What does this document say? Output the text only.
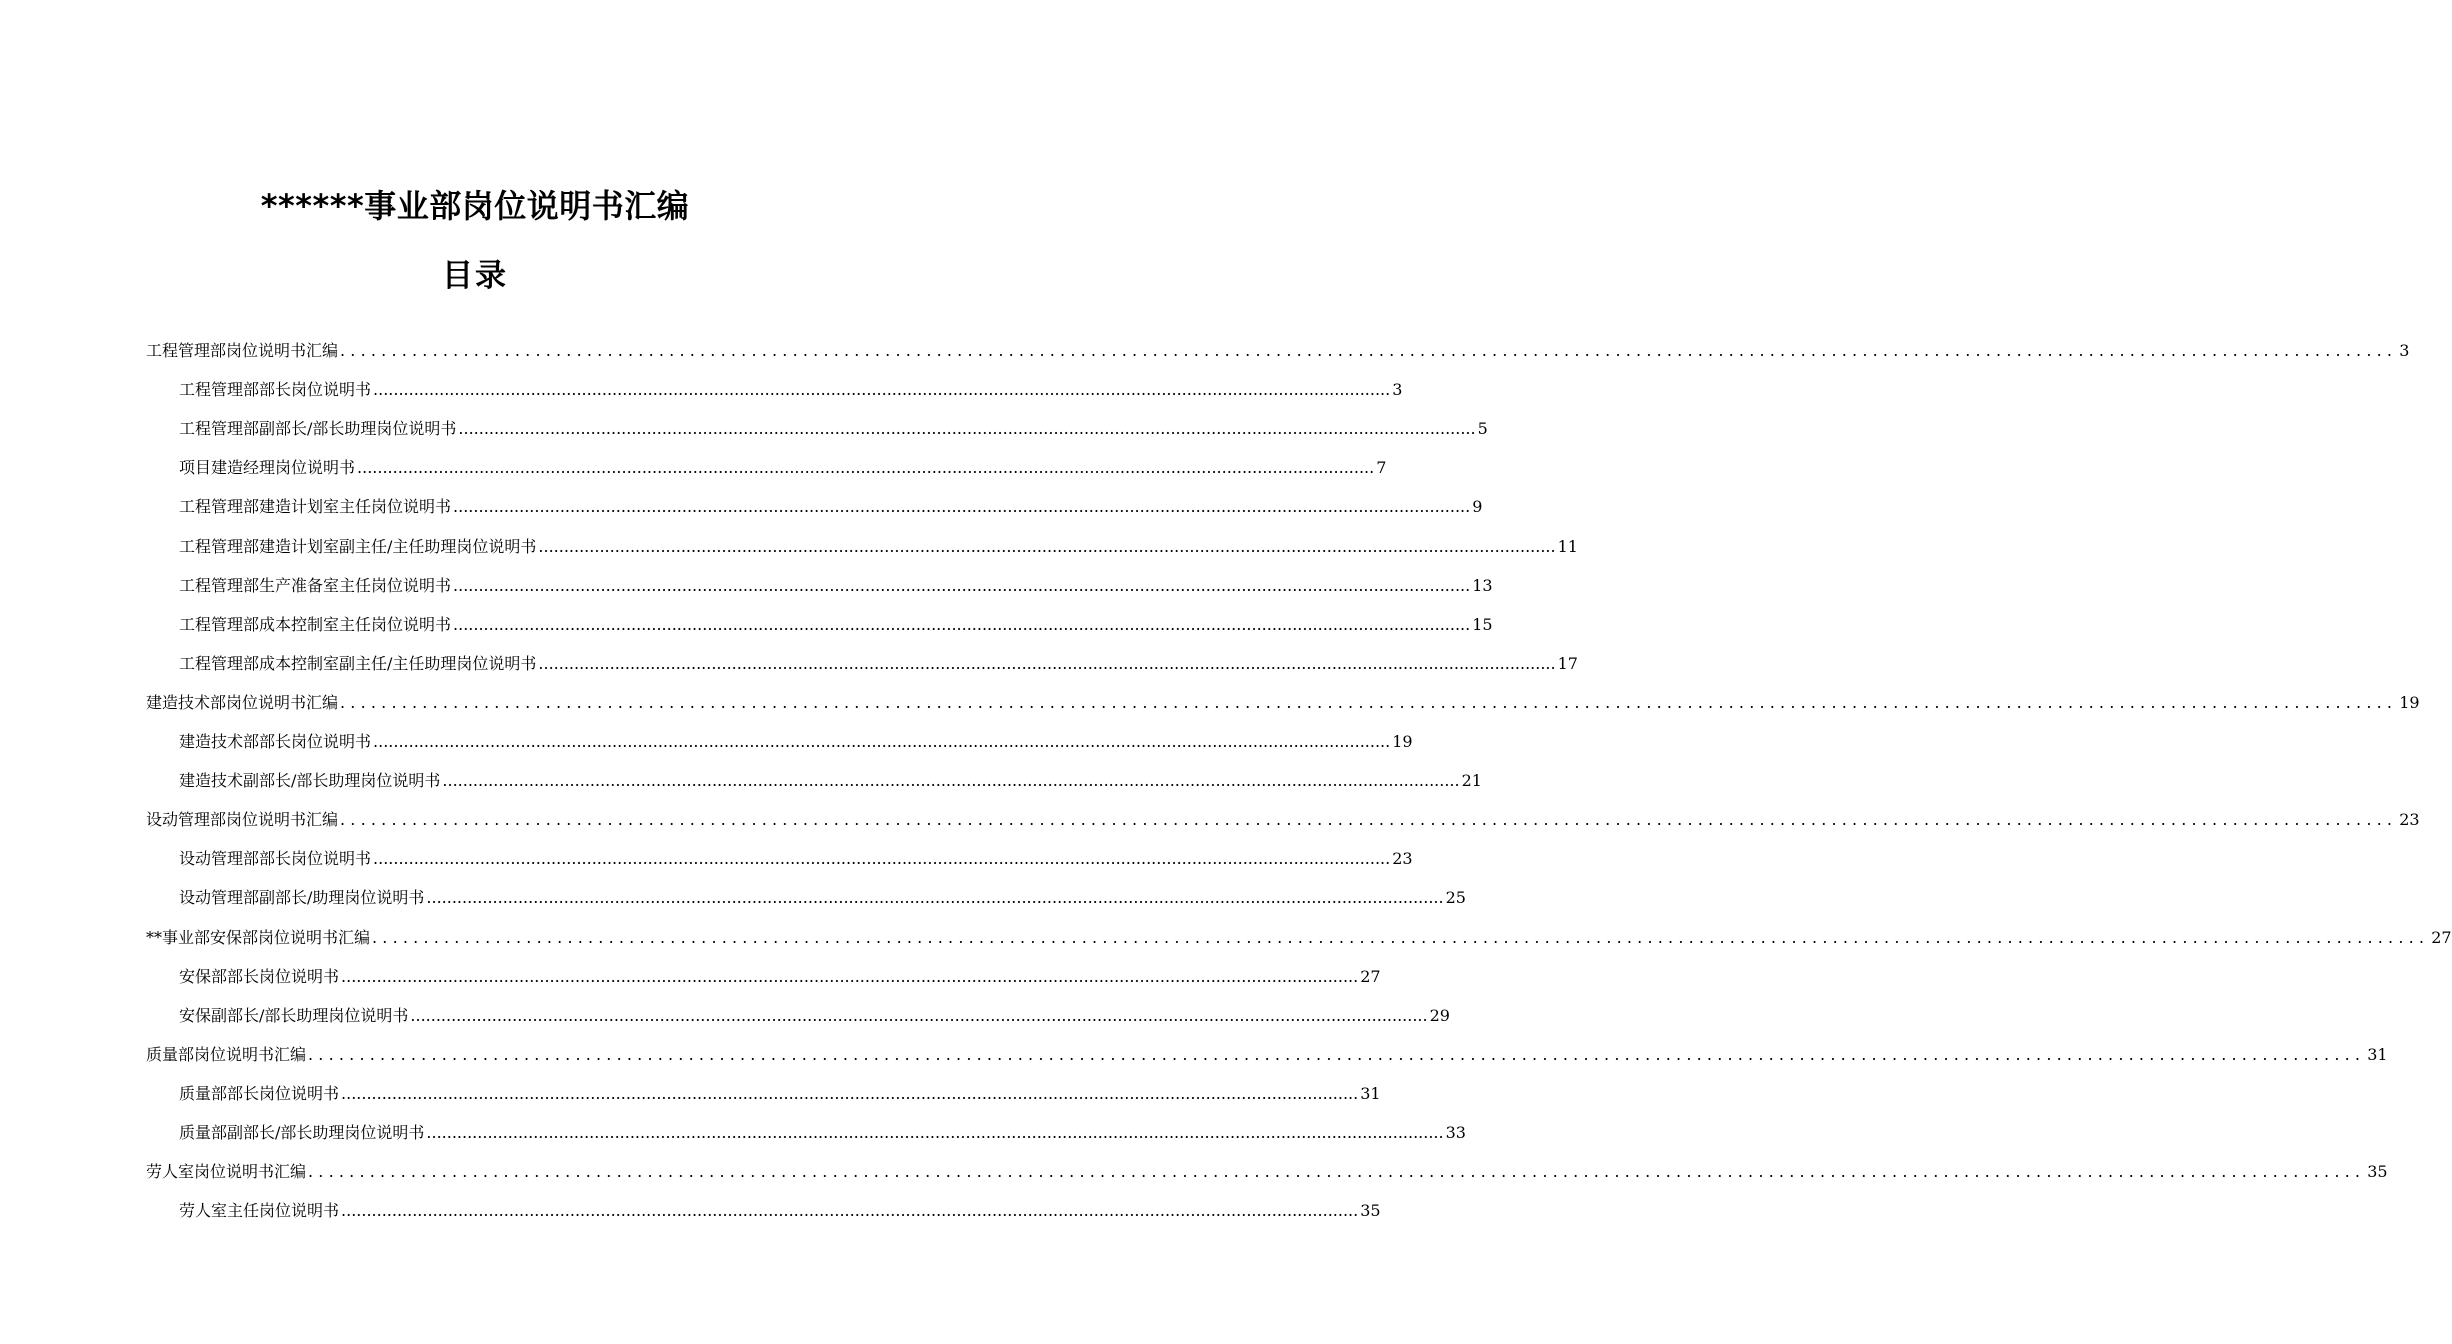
******事业部岗位说明书汇编
目录
工程管理部岗位说明书汇编 ........................................................................................................................................................................................................ 3
工程管理部部长岗位说明书 ........................................................................................................................................................................................................ 3
工程管理部副部长/部长助理岗位说明书 ........................................................................................................................................................................................................ 5
项目建造经理岗位说明书 ........................................................................................................................................................................................................ 7
工程管理部建造计划室主任岗位说明书 ........................................................................................................................................................................................................ 9
工程管理部建造计划室副主任/主任助理岗位说明书 ........................................................................................................................................................................................................ 11
工程管理部生产准备室主任岗位说明书 ........................................................................................................................................................................................................ 13
工程管理部成本控制室主任岗位说明书 ........................................................................................................................................................................................................ 15
工程管理部成本控制室副主任/主任助理岗位说明书 ........................................................................................................................................................................................................ 17
建造技术部岗位说明书汇编 ........................................................................................................................................................................................................ 19
建造技术部部长岗位说明书 ........................................................................................................................................................................................................ 19
建造技术副部长/部长助理岗位说明书 ........................................................................................................................................................................................................ 21
设动管理部岗位说明书汇编 ........................................................................................................................................................................................................ 23
设动管理部部长岗位说明书 ........................................................................................................................................................................................................ 23
设动管理部副部长/助理岗位说明书 ........................................................................................................................................................................................................ 25
**事业部安保部岗位说明书汇编 ........................................................................................................................................................................................................ 27
安保部部长岗位说明书 ........................................................................................................................................................................................................ 27
安保副部长/部长助理岗位说明书 ........................................................................................................................................................................................................ 29
质量部岗位说明书汇编 ........................................................................................................................................................................................................ 31
质量部部长岗位说明书 ........................................................................................................................................................................................................ 31
质量部副部长/部长助理岗位说明书 ........................................................................................................................................................................................................ 33
劳人室岗位说明书汇编 ........................................................................................................................................................................................................ 35
劳人室主任岗位说明书 ........................................................................................................................................................................................................ 35
